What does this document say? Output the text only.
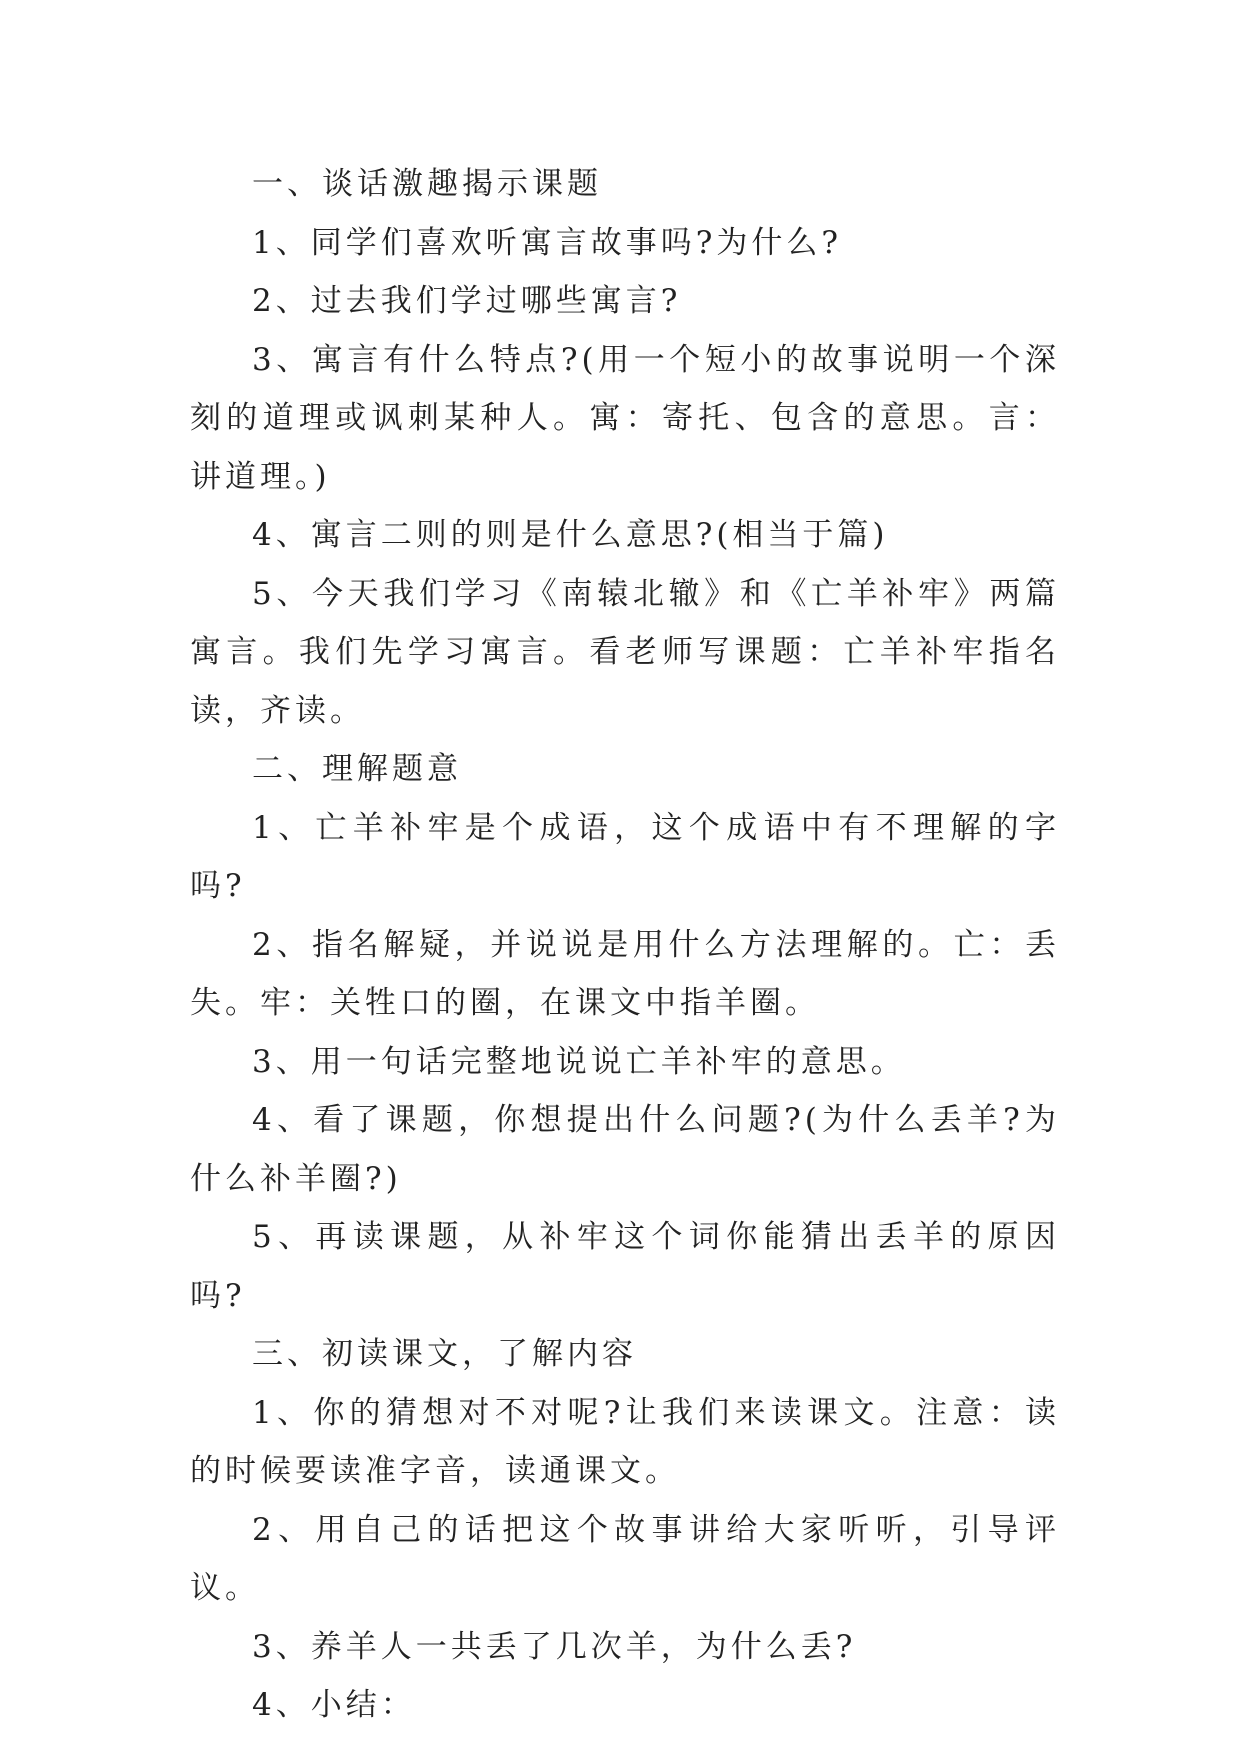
一、谈话激趣揭示课题

1、同学们喜欢听寓言故事吗?为什么?

2、过去我们学过哪些寓言?

3、寓言有什么特点?(用一个短小的故事说明一个深刻的道理或讽刺某种人。寓：寄托、包含的意思。言：讲道理。)

4、寓言二则的则是什么意思?(相当于篇)

5、今天我们学习《南辕北辙》和《亡羊补牢》两篇寓言。我们先学习寓言。看老师写课题：亡羊补牢指名读，齐读。

二、理解题意

1、亡羊补牢是个成语，这个成语中有不理解的字吗?

2、指名解疑，并说说是用什么方法理解的。亡：丢失。牢：关牲口的圈，在课文中指羊圈。

3、用一句话完整地说说亡羊补牢的意思。

4、看了课题，你想提出什么问题?(为什么丢羊?为什么补羊圈?)

5、再读课题，从补牢这个词你能猜出丢羊的原因吗?

三、初读课文，了解内容

1、你的猜想对不对呢?让我们来读课文。注意：读的时候要读准字音，读通课文。

2、用自己的话把这个故事讲给大家听听，引导评议。

3、养羊人一共丢了几次羊，为什么丢?

4、小结：
